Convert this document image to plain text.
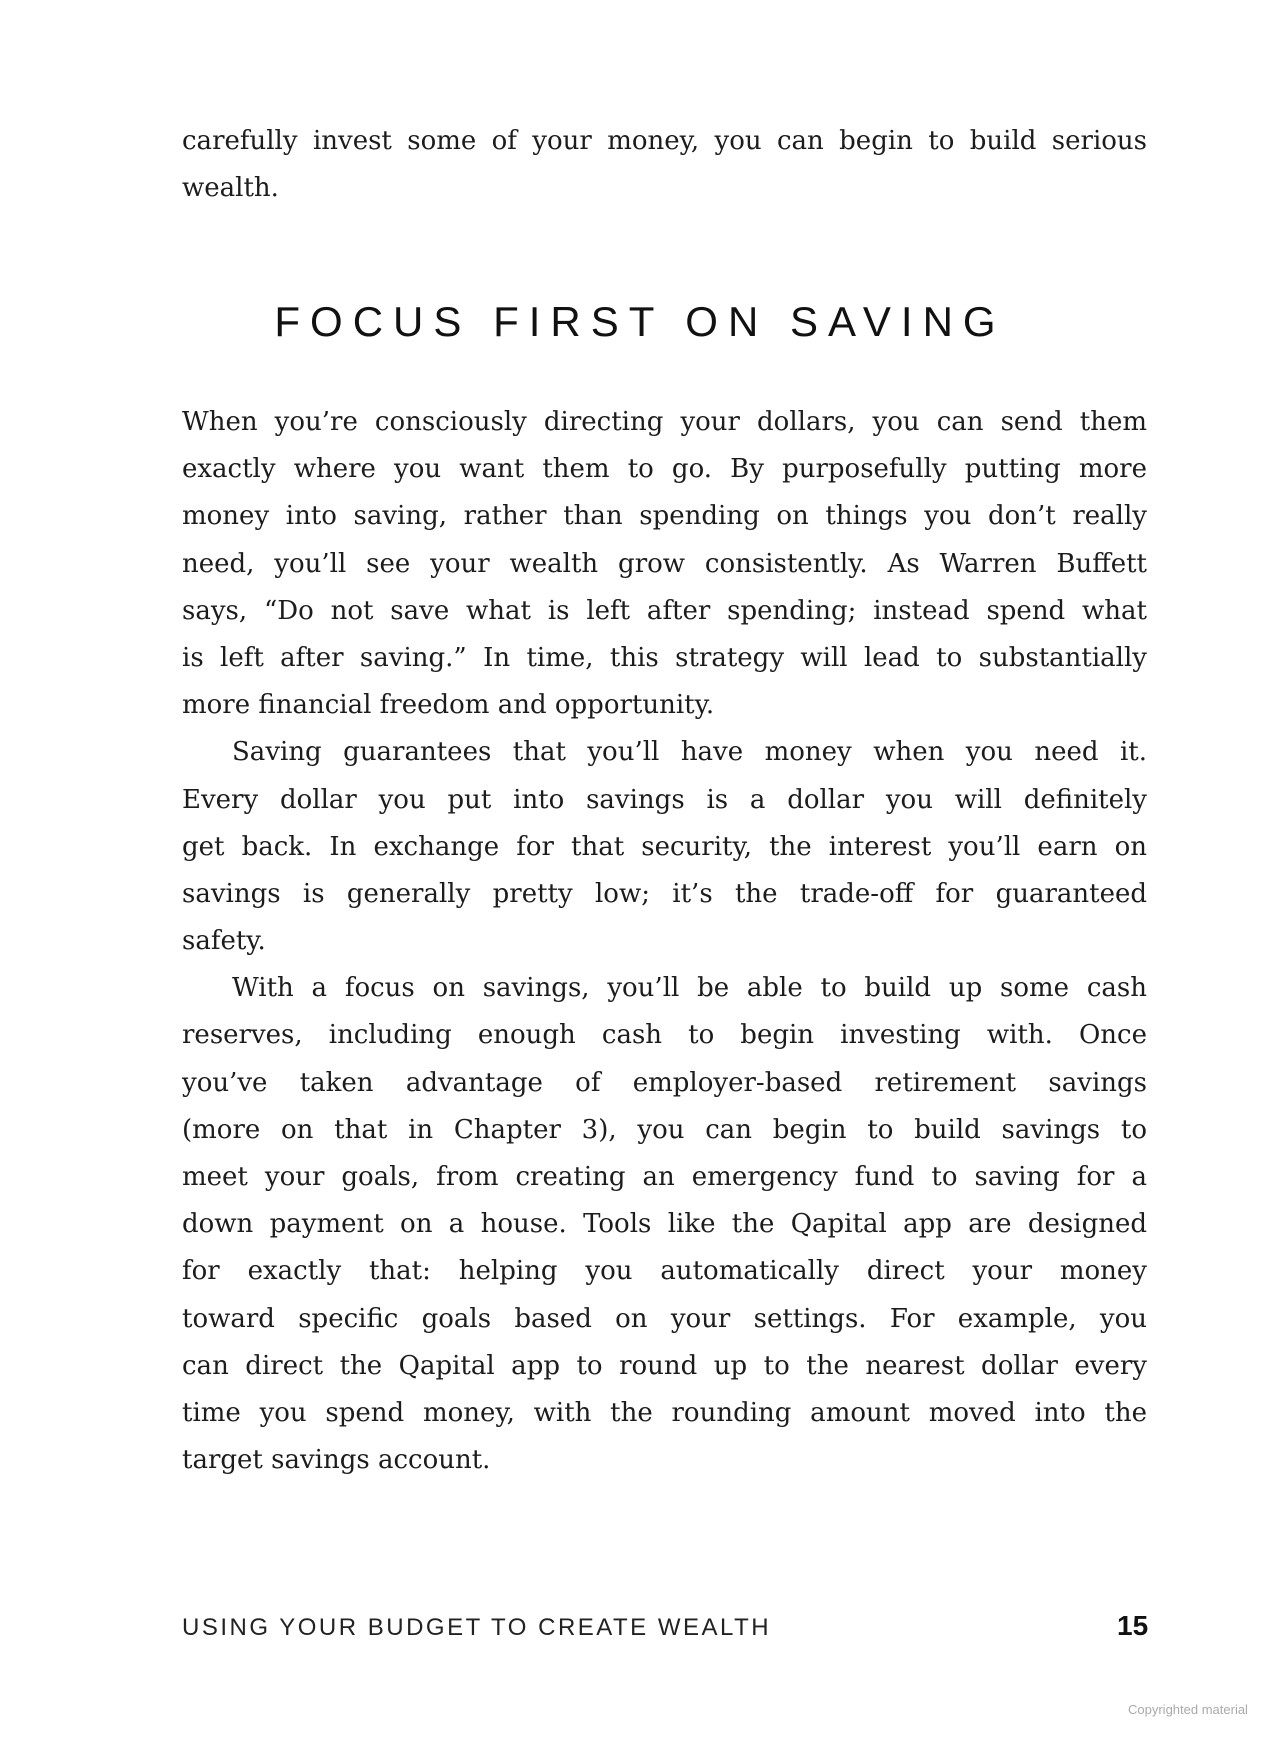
carefully invest some of your money, you can begin to build serious
wealth.
FOCUS FIRST ON SAVING
When you’re consciously directing your dollars, you can send them
exactly where you want them to go. By purposefully putting more
money into saving, rather than spending on things you don’t really
need, you’ll see your wealth grow consistently. As Warren Buffett
says, “Do not save what is left after spending; instead spend what
is left after saving.” In time, this strategy will lead to substantially
more financial freedom and opportunity.
Saving guarantees that you’ll have money when you need it.
Every dollar you put into savings is a dollar you will definitely
get back. In exchange for that security, the interest you’ll earn on
savings is generally pretty low; it’s the trade-off for guaranteed
safety.
With a focus on savings, you’ll be able to build up some cash
reserves, including enough cash to begin investing with. Once
you’ve taken advantage of employer-based retirement savings
(more on that in Chapter 3), you can begin to build savings to
meet your goals, from creating an emergency fund to saving for a
down payment on a house. Tools like the Qapital app are designed
for exactly that: helping you automatically direct your money
toward specific goals based on your settings. For example, you
can direct the Qapital app to round up to the nearest dollar every
time you spend money, with the rounding amount moved into the
target savings account.
USING YOUR BUDGET TO CREATE WEALTH	15
Copyrighted material
